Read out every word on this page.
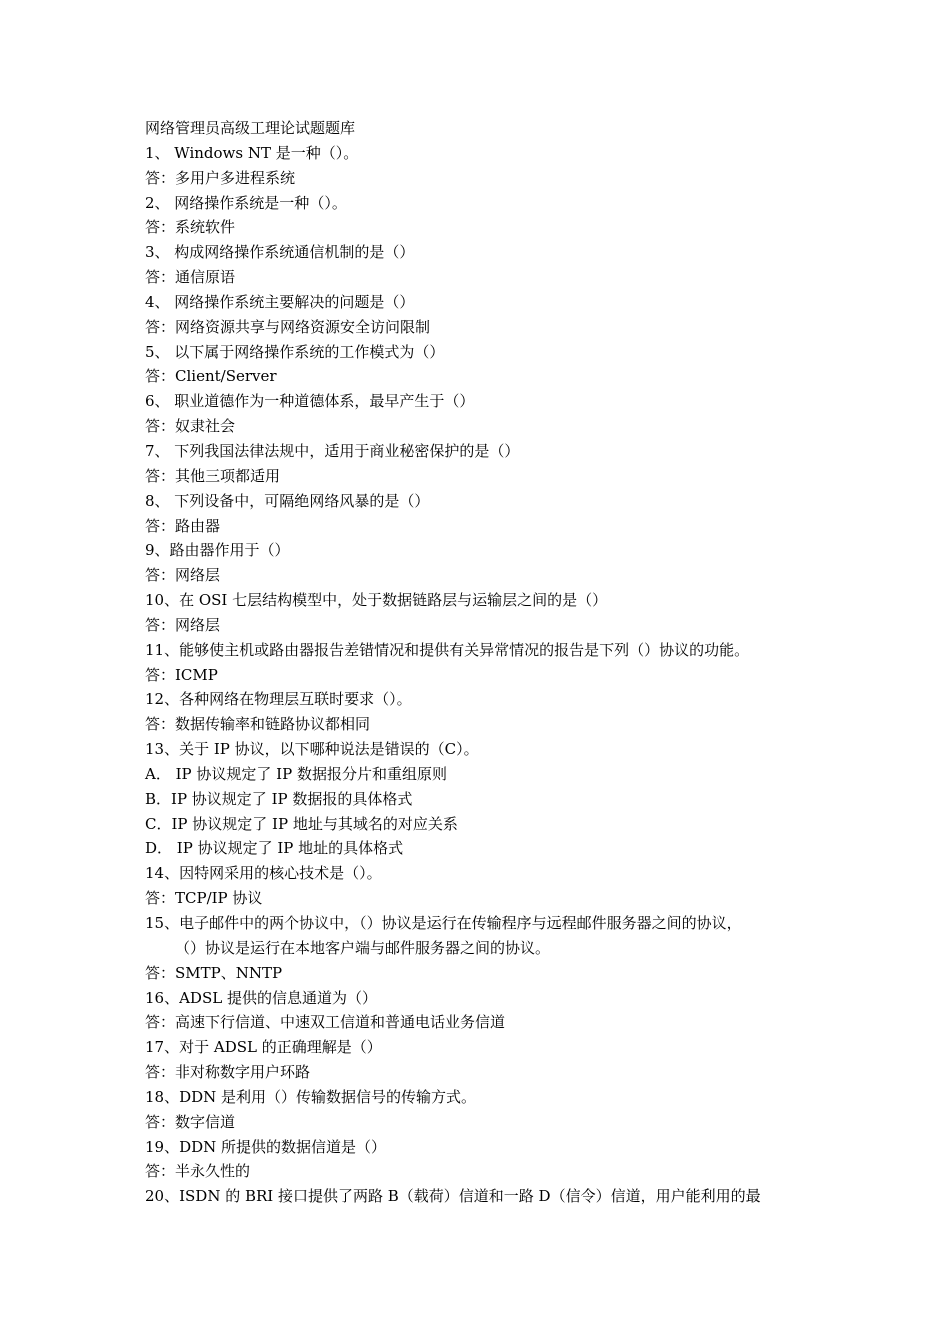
网络管理员高级工理论试题题库
1、 Windows NT 是一种（）。
答：多用户多进程系统
2、 网络操作系统是一种（）。
答：系统软件
3、 构成网络操作系统通信机制的是（）
答：通信原语
4、 网络操作系统主要解决的问题是（）
答：网络资源共享与网络资源安全访问限制
5、 以下属于网络操作系统的工作模式为（）
答：Client/Server
6、 职业道德作为一种道德体系，最早产生于（）
答：奴隶社会
7、 下列我国法律法规中，适用于商业秘密保护的是（）
答：其他三项都适用
8、 下列设备中，可隔绝网络风暴的是（）
答：路由器
9、路由器作用于（）
答：网络层
10、在 OSI 七层结构模型中，处于数据链路层与运输层之间的是（）
答：网络层
11、能够使主机或路由器报告差错情况和提供有关异常情况的报告是下列（）协议的功能。
答：ICMP
12、各种网络在物理层互联时要求（）。
答：数据传输率和链路协议都相同
13、关于 IP 协议，以下哪种说法是错误的（C）。
A． IP 协议规定了 IP 数据报分片和重组原则
B．IP 协议规定了 IP 数据报的具体格式
C．IP 协议规定了 IP 地址与其域名的对应关系
D． IP 协议规定了 IP 地址的具体格式
14、因特网采用的核心技术是（）。
答：TCP/IP 协议
15、电子邮件中的两个协议中，（）协议是运行在传输程序与远程邮件服务器之间的协议，
（）协议是运行在本地客户端与邮件服务器之间的协议。
答：SMTP、NNTP
16、ADSL 提供的信息通道为（）
答：高速下行信道、中速双工信道和普通电话业务信道
17、对于 ADSL 的正确理解是（）
答：非对称数字用户环路
18、DDN 是利用（）传输数据信号的传输方式。
答：数字信道
19、DDN 所提供的数据信道是（）
答：半永久性的
20、ISDN 的 BRI 接口提供了两路 B（载荷）信道和一路 D（信令）信道，用户能利用的最
